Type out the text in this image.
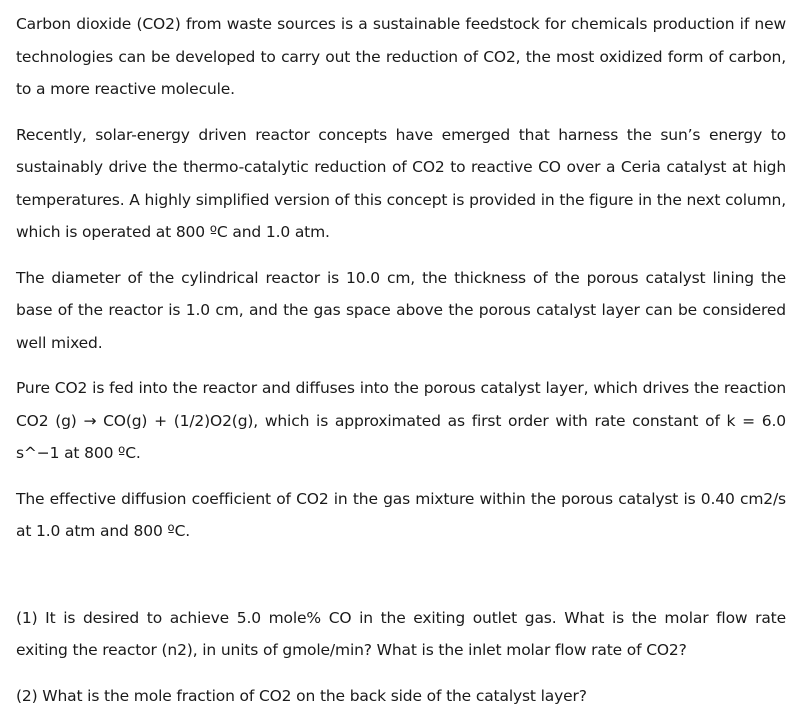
Carbon dioxide (CO2) from waste sources is a sustainable feedstock for chemicals production if new technologies can be developed to carry out the reduction of CO2, the most oxidized form of carbon, to a more reactive molecule.

Recently, solar-energy driven reactor concepts have emerged that harness the sun’s energy to sustainably drive the thermo-catalytic reduction of CO2 to reactive CO over a Ceria catalyst at high temperatures. A highly simplified version of this concept is provided in the figure in the next column, which is operated at 800 ºC and 1.0 atm.

The diameter of the cylindrical reactor is 10.0 cm, the thickness of the porous catalyst lining the base of the reactor is 1.0 cm, and the gas space above the porous catalyst layer can be considered well mixed.

Pure CO2 is fed into the reactor and diffuses into the porous catalyst layer, which drives the reaction CO2 (g) → CO(g) + (1/2)O2(g), which is approximated as first order with rate constant of k = 6.0 s^−1 at 800 ºC.

The effective diffusion coefficient of CO2 in the gas mixture within the porous catalyst is 0.40 cm2/s at 1.0 atm and 800 ºC.

(1) It is desired to achieve 5.0 mole% CO in the exiting outlet gas. What is the molar flow rate exiting the reactor (n2), in units of gmole/min? What is the inlet molar flow rate of CO2?

(2) What is the mole fraction of CO2 on the back side of the catalyst layer?
